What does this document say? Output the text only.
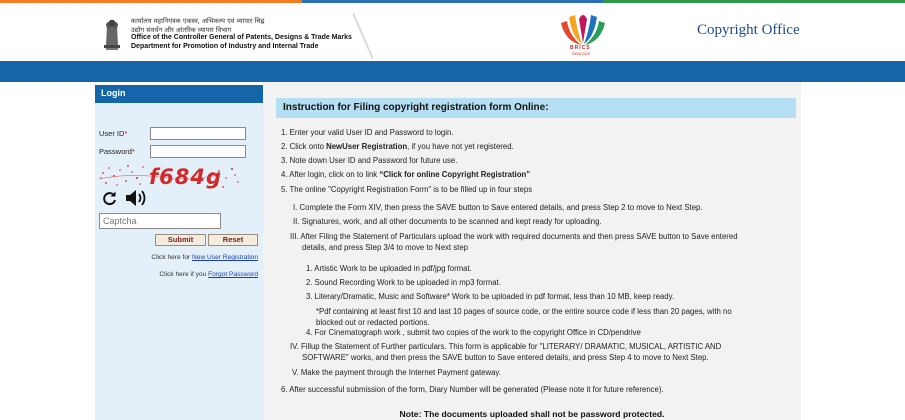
कार्यालय महानियंत्रक एकस्व, अभिकल्प एवं व्यापार चिह्न
उद्योग संवर्धन और आंतरिक व्यापार विभाग
Office of the Controller General of Patents, Designs & Trade Marks
Department for Promotion of Industry and Internal Trade	BRICS
INDIA 2026
Copyright Office
Login
User ID*
Password*
f684g
Captcha
Submit	Reset
Click here for New User Registration
Click here if you Forgot Password
Instruction for Filing copyright registration form Online:
1. Enter your valid User ID and Password to login.
2. Click onto NewUser Registration, if you have not yet registered.
3. Note down User ID and Password for future use.
4. After login, click on to link “Click for online Copyright Registration”
5. The online "Copyright Registration Form" is to be filled up in four steps
I. Complete the Form XIV, then press the SAVE button to Save entered details, and press Step 2 to move to Next Step.
II. Signatures, work, and all other documents to be scanned and kept ready for uploading.
III. After Filing the Statement of Particulars upload the work with required documents and then press SAVE button to Save entered
details, and press Step 3/4 to move to Next step
1. Artistic Work to be uploaded in pdf/jpg format.
2. Sound Recording Work to be uploaded in mp3 format.
3. Literary/Dramatic, Music and Software* Work to be uploaded in pdf format, less than 10 MB, keep ready.
*Pdf containing at least first 10 and last 10 pages of source code, or the entire source code if less than 20 pages, with no
blocked out or redacted portions.
4. For Cinematograph work , submit two copies of the work to the copyright Office in CD/pendrive
IV. Fillup the Statement of Further particulars. This form is applicable for "LITERARY/ DRAMATIC, MUSICAL, ARTISTIC AND
SOFTWARE" works, and then press the SAVE button to Save entered details, and press Step 4 to move to Next Step.
V. Make the payment through the Internet Payment gateway.
6. After successful submission of the form, Diary Number will be generated (Please note it for future reference).
Note: The documents uploaded shall not be password protected.
